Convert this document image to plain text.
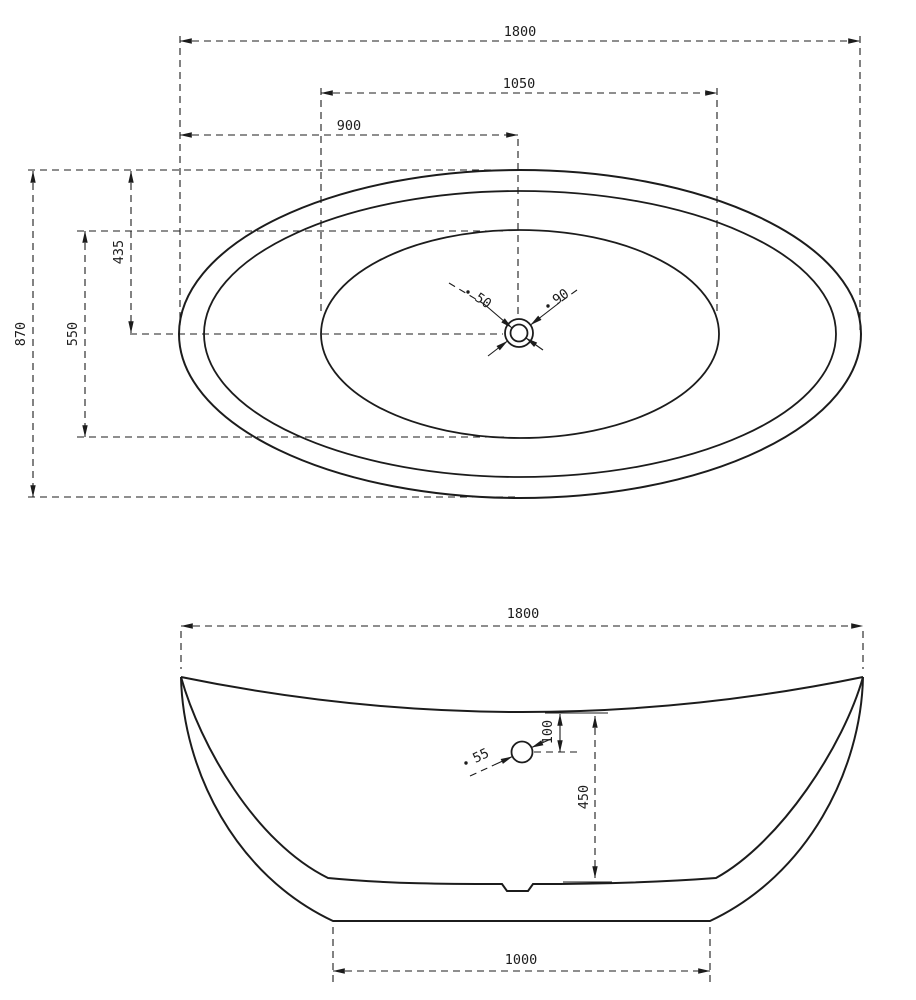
1800
1050
900
435
550
870
50	90
1800
100
450
1000
55
